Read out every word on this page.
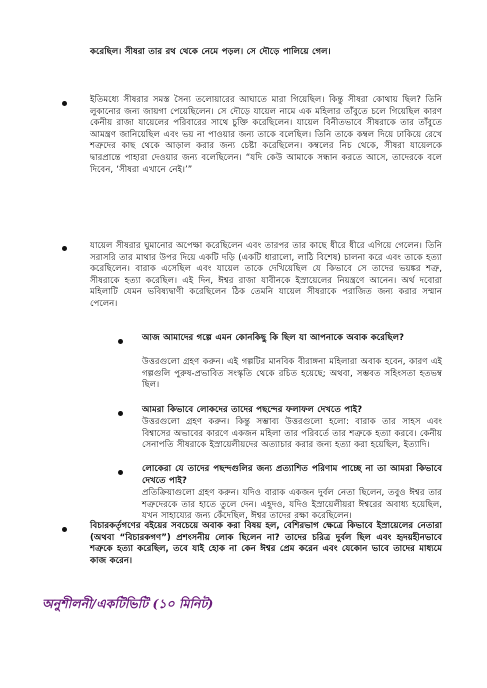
করেছিল। সীষরা তার রথ থেকে নেমে পড়ল। সে দৌড়ে পালিয়ে গেল।

ইতিমধ্যে সীষরার সমস্ত সৈন্য তলোয়ারের আঘাতে মারা গিয়েছিল। কিন্তু সীষরা কোথায় ছিল? তিনি লুকানোর জন্য জায়গা পেয়েছিলেন। সে দৌড়ে যায়েল নামে এক মহিলার তাঁবুতে চলে গিয়েছিল কারণ কেনীয় রাজা যায়েলের পরিবারের সাথে চুক্তি করেছিলেন। যায়েল বিনীতভাবে সীষরাকে তার তাঁবুতে আমন্ত্রণ জানিয়েছিল এবং ভয় না পাওয়ার জন্য তাকে বলেছিল। তিনি তাকে কম্বল দিয়ে ঢাকিয়ে রেখে শত্রুদের কাছ থেকে আড়াল করার জন্য চেষ্টা করেছিলেন। কম্বলের নিচ থেকে, সীষরা যায়েলকে দ্বারপ্রান্তে পাহারা দেওয়ার জন্য বলেছিলেন। “যদি কেউ আমাকে সন্ধান করতে আসে, তাদেরকে বলে দিবেন, ‘সীষরা এখানে নেই।’”

যায়েল সীষরার ঘুমানোর অপেক্ষা করেছিলেন এবং তারপর তার কাছে ধীরে ধীরে এগিয়ে গেলেন। তিনি সরাসরি তার মাথার উপর দিয়ে একটি দড়ি (একটি ধারালো, লাঠি বিশেষ) চালনা করে এবং তাকে হত্যা করেছিলেন। বারাক এসেছিল এবং যায়েল তাকে দেখিয়েছিল যে কিভাবে সে তাদের ভয়ঙ্কর শত্রু, সীষরাকে হত্যা করেছিল। এই দিন, ঈশ্বর রাজা যাবীনকে ইস্রায়েলের নিয়ন্ত্রণে আনেন। অর্থ দবোরা মহিলাটি যেমন ভবিষ্যদ্বাণী করেছিলেন ঠিক তেমনি যায়েল সীষরাকে পরাজিত জন্য করার সম্মান পেলেন।

আজ আমাদের গল্পে এমন কোনকিছু কি ছিল যা আপনাকে অবাক করেছিল?

উত্তরগুলো গ্রহণ করুন। এই গল্পটির মানবিক বীরাঙ্গনা মহিলারা অবাক হবেন, কারণ এই গল্পগুলি পুরুষ-প্রভাবিত সংস্কৃতি থেকে রচিত হয়েছে; অথবা, সম্ভবত সহিংসতা হতভম্ব ছিল।

আমরা কিভাবে লোকদের তাদের পছন্দের ফলাফল দেখতে পাই?

উত্তরগুলো গ্রহণ করুন। কিন্তু সম্ভাব্য উত্তরগুলো হলো: বারাক তার সাহস এবং বিশ্বাসের অভাবের কারণে একজন মহিলা তার পরিবর্তে তার শত্রুকে হত্যা করবে। কেনীয় সেনাপতি সীষরাকে ইস্রায়েলীয়দের অত্যাচার করার জন্য হত্যা করা হয়েছিল, ইত্যাদি।

লোকেরা যে তাদের পছন্দগুলির জন্য প্রত্যাশিত পরিণাম পাচ্ছে না তা আমরা কিভাবে দেখতে পাই?

প্রতিক্রিয়াগুলো গ্রহণ করুন। যদিও বারাক একজন দুর্বল নেতা ছিলেন, তবুও ঈশ্বর তার শত্রুদেরকে তার হাতে তুলে দেন। এহূদও, যদিও ইস্রায়েলীয়রা ঈশ্বরের অবাধ্য হয়েছিল, যখন সাহায্যের জন্য কেঁদেছিল, ঈশ্বর তাদের রক্ষা করেছিলেন।

বিচারকর্তৃগণের বইয়ের সবচেয়ে অবাক করা বিষয় হল, বেশিরভাগ ক্ষেত্রে কিভাবে ইস্রায়েলের নেতারা (অথবা “বিচারকগণ”) প্রশংসনীয় লোক ছিলেন না? তাদের চরিত্র দুর্বল ছিল এবং হৃদয়হীনভাবে শত্রুকে হত্যা করেছিল, তবে যাই হোক না কেন ঈশ্বর প্রেম করেন এবং যেকোন ভাবে তাদের মাধ্যমে কাজ করেন।

অনুশীলনী/একটিভিটি (১০ মিনিট)
